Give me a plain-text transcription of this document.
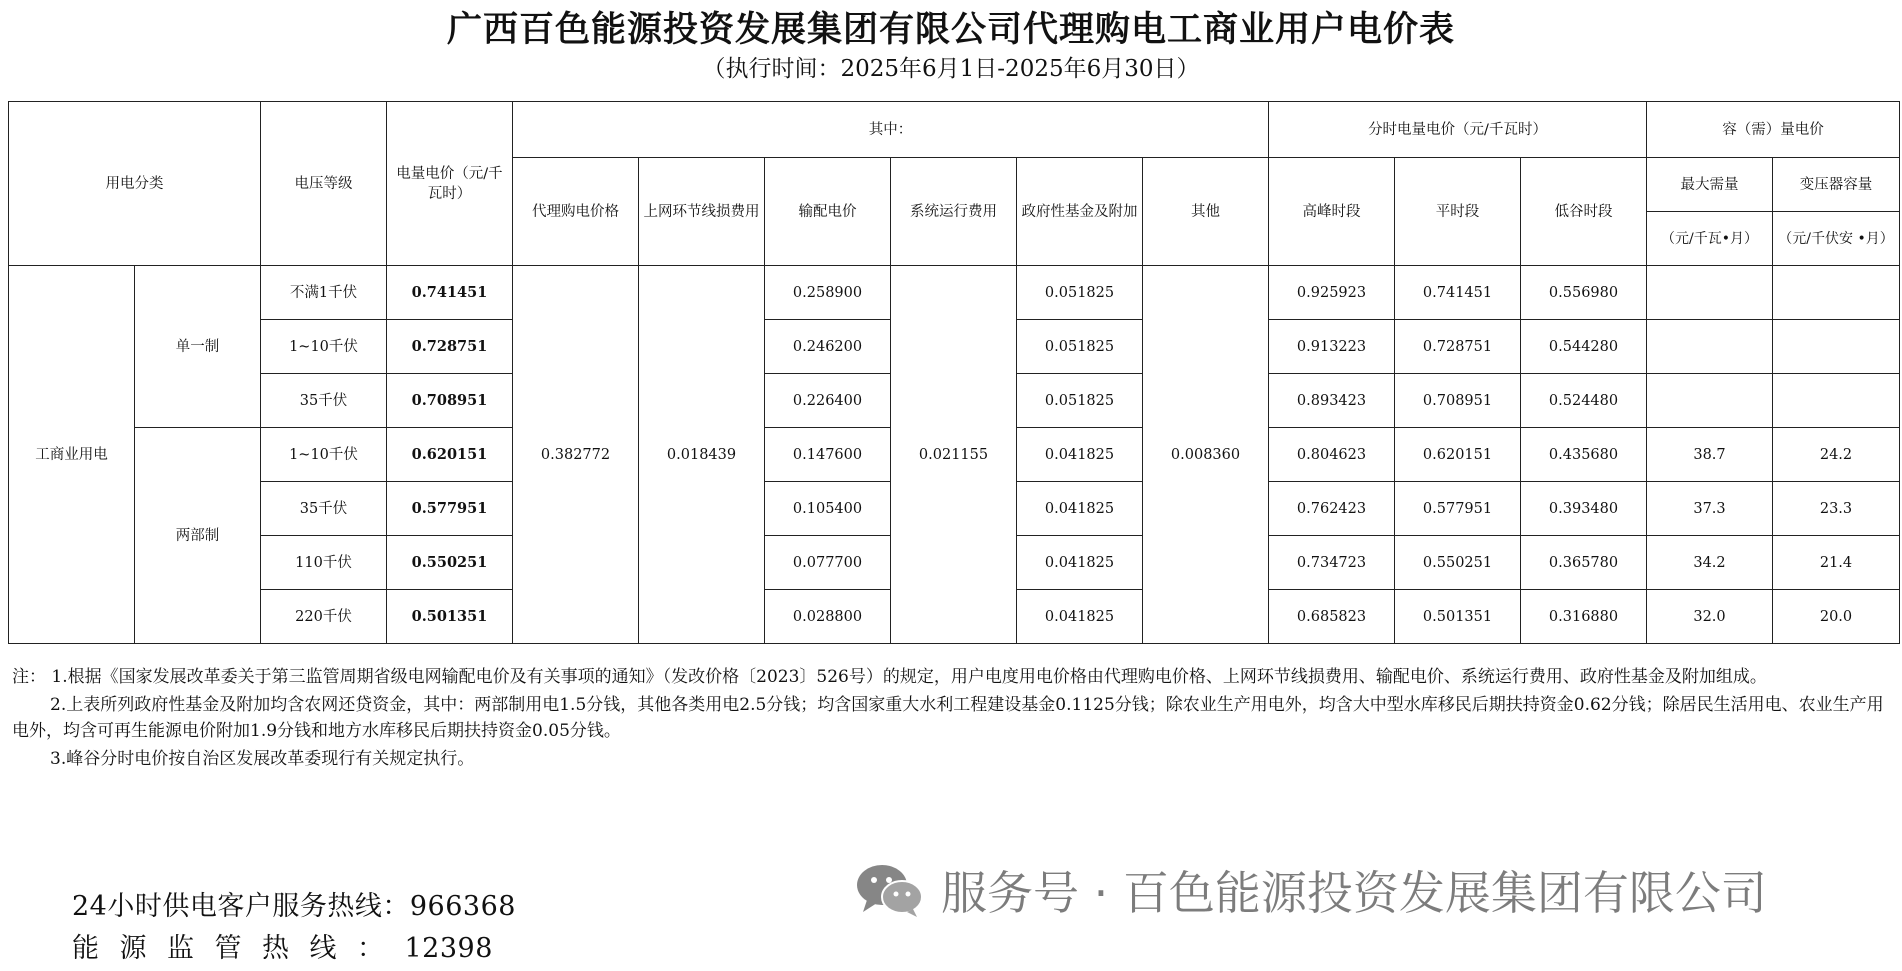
广西百色能源投资发展集团有限公司代理购电工商业用户电价表
（执行时间：2025年6月1日-2025年6月30日）
用电分类		电压等级	电量电价（元/千瓦时）	其中：						分时电量电价（元/千瓦时）			容（需）量电价	
				代理购电价格	上网环节线损费用	输配电价	系统运行费用	政府性基金及附加	其他	高峰时段	平时段	低谷时段	最大需量	变压器容量
													（元/千瓦•月）	（元/千伏安 •月）
工商业用电	单一制	不满1千伏	0.741451	0.382772	0.018439	0.258900	0.021155	0.051825	0.008360	0.925923	0.741451	0.556980		
		1~10千伏	0.728751			0.246200		0.051825		0.913223	0.728751	0.544280		
		35千伏	0.708951			0.226400		0.051825		0.893423	0.708951	0.524480		
	两部制	1~10千伏	0.620151			0.147600		0.041825		0.804623	0.620151	0.435680	38.7	24.2
		35千伏	0.577951			0.105400		0.041825		0.762423	0.577951	0.393480	37.3	23.3
		110千伏	0.550251			0.077700		0.041825		0.734723	0.550251	0.365780	34.2	21.4
		220千伏	0.501351			0.028800		0.041825		0.685823	0.501351	0.316880	32.0	20.0

注： 1.根据《国家发展改革委关于第三监管周期省级电网输配电价及有关事项的通知》（发改价格〔2023〕526号）的规定，用户电度用电价格由代理购电价格、上网环节线损费用、输配电价、系统运行费用、政府性基金及附加组成。

2.上表所列政府性基金及附加均含农网还贷资金，其中：两部制用电1.5分钱，其他各类用电2.5分钱；均含国家重大水利工程建设基金0.1125分钱；除农业生产用电外，均含大中型水库移民后期扶持资金0.62分钱；除居民生活用电、农业生产用电外，均含可再生能源电价附加1.9分钱和地方水库移民后期扶持资金0.05分钱。

3.峰谷分时电价按自治区发展改革委现行有关规定执行。

24小时供电客户服务热线：966368
能源监管热线：12398
服务号 · 百色能源投资发展集团有限公司
